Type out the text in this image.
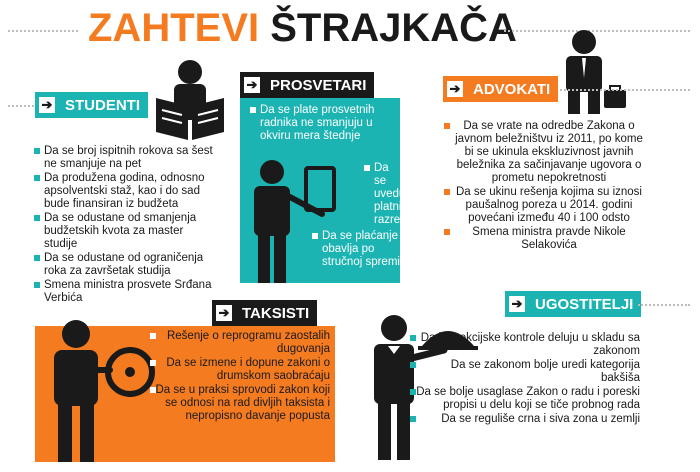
ZAHTEVI ŠTRAJKAČA
➔ STUDENTI
Da se broj ispitnih rokova sa šest ne smanjuje na pet
Da produžena godina, odnosno apsolventski staž, kao i do sad bude finansiran iz budžeta
Da se odustane od smanjenja budžetskih kvota za master studije
Da se odustane od ograničenja roka za završetak studija
Smena ministra prosvete Srđana Verbića
➔ PROSVETARI
Da se plate prosvetnih radnika ne smanjuju u okviru mera štednje
Da se uvedu platni razredi
Da se plaćanje obavlja po stručnoj spremi
➔ ADVOKATI
Da se vrate na odredbe Zakona o javnom beležništvu iz 2011, po kome bi se ukinula ekskluzivnost javnih beležnika za sačinjavanje ugovora o prometu nepokretnosti
Da se ukinu rešenja kojima su iznosi paušalnog poreza u 2014. godini povećani između 40 i 100 odsto
Smena ministra pravde Nikole Selakovića
➔ TAKSISTI
Rešenje o reprogramu zaostalih dugovanja
Da se izmene i dopune zakoni o drumskom saobraćaju
Da se u praksi sprovodi zakon koji se odnosi na rad divljih taksista i nepropisno davanje popusta
➔ UGOSTITELJI
Da inspekcijske kontrole deluju u skladu sa zakonom
Da se zakonom bolje uredi kategorija bakšiša
Da se bolje usaglase Zakon o radu i poreski propisi u delu koji se tiče probnog rada
Da se reguliše crna i siva zona u zemlji
